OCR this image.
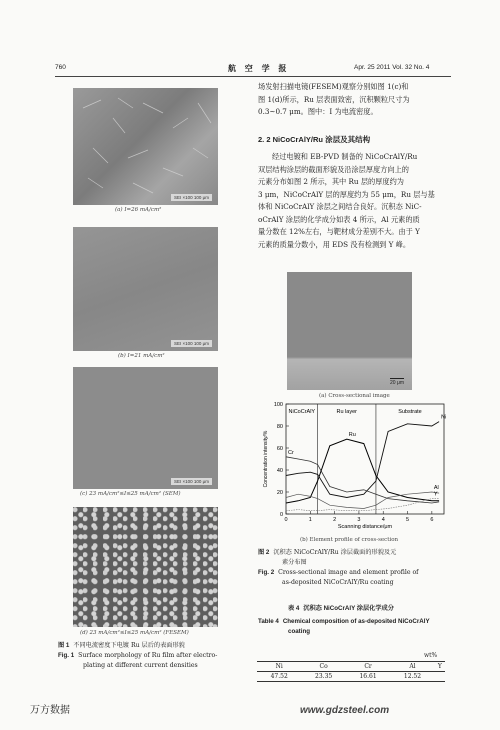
760	航 空 学 报	Apr. 25 2011 Vol. 32 No. 4
SEI ×100 100 μm
(a) I=26 mA/cm²
SEI ×100 100 μm
(b) I=21 mA/cm²
SEI ×100 100 μm
(c) 23 mA/cm²≤I≤25 mA/cm² (SEM)
(d) 23 mA/cm²≤I≤25 mA/cm² (FESEM)
图 1 不同电流密度下电镀 Ru 层后的表面形貌
Fig. 1 Surface morphology of Ru film after electro-
plating at different current densities
场发射扫描电镜(FESEM)观察分别如图 1(c)和
图 1(d)所示，Ru 层表面致密，沉积颗粒尺寸为
0.3~0.7 μm。图中：I 为电流密度。
2. 2 NiCoCrAlY/Ru 涂层及其结构
经过电镀和 EB-PVD 制备的 NiCoCrAlY/Ru
双层结构涂层的截面形貌及沿涂层厚度方向上的
元素分布如图 2 所示，其中 Ru 层的厚度约为
3 μm，NiCoCrAlY 层的厚度约为 55 μm，Ru 层与基
体和 NiCoCrAlY 涂层之间结合良好。沉积态 NiC-
oCrAlY 涂层的化学成分如表 4 所示，Al 元素的质
量分数在 12%左右，与靶材成分差别不大。由于 Y
元素的质量分数小，用 EDS 没有检测到 Y 峰。
20 μm
(a) Cross-sectional image
0
20
40
60
80
100
0	1	2	3	4	5	6
Scanning distance/μm
Concentration intensity/%
NiCoCrAlY	Ru layer	Substrate
Ni
Cr
Ru
Al
Y
(b) Element profile of cross-section
图 2 沉积态 NiCoCrAlY/Ru 涂层截面的形貌及元
素分布图
Fig. 2 Cross-sectional image and element profile of
as-deposited NiCoCrAlY/Ru coating
表 4 沉积态 NiCoCrAlY 涂层化学成分
Table 4 Chemical composition of as-deposited NiCoCrAlY
coating
wt%
Ni	Co	Cr	Al	Y
47.52	23.35	16.61	12.52	
万方数据	www.gdzsteel.com
